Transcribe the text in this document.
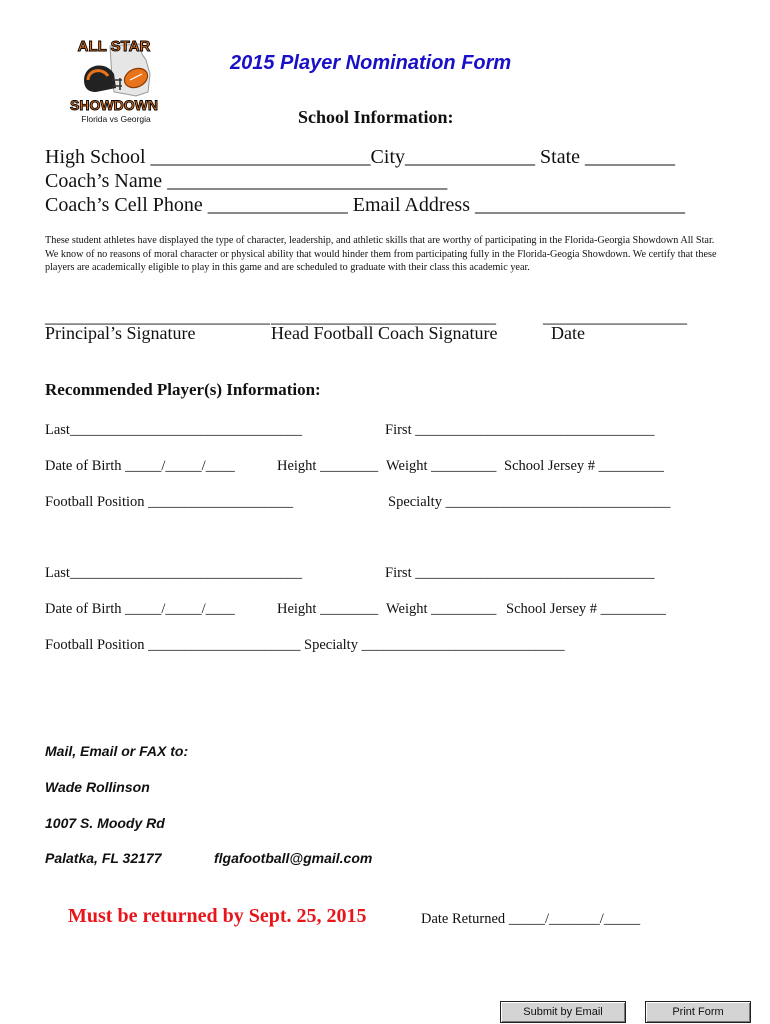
ALL STAR
SHOWDOWN
Florida vs Georgia
2015 Player Nomination Form
School Information:
High School ______________________City_____________ State _________
Coach’s Name ____________________________
Coach’s Cell Phone ______________ Email Address _____________________
These student athletes have displayed the type of character, leadership, and athletic skills that are worthy of participating in the Florida-Georgia Showdown All Star. We know of no reasons of moral character or physical ability that would hinder them from participating fully in the Florida-Geogia Showdown. We certify that these players are academically eligible to play in this game and are scheduled to graduate with their class this academic year.
_________________________
Principal’s Signature
_________________________
Head Football Coach Signature
________________
Date
Recommended Player(s) Information:
Last________________________________	First _________________________________
Date of Birth _____/_____/____	Height ________ Weight _________ School Jersey # _________
Football Position ____________________	Specialty _______________________________
Last________________________________	First _________________________________
Date of Birth _____/_____/____	Height ________ Weight _________ School Jersey # _________
Football Position _____________________ Specialty ____________________________
Mail, Email or FAX to:
Wade Rollinson
1007 S. Moody Rd
Palatka, FL 32177	flgafootball@gmail.com
Must be returned by Sept. 25, 2015	Date Returned _____/_______/_____
Submit by Email	Print Form
